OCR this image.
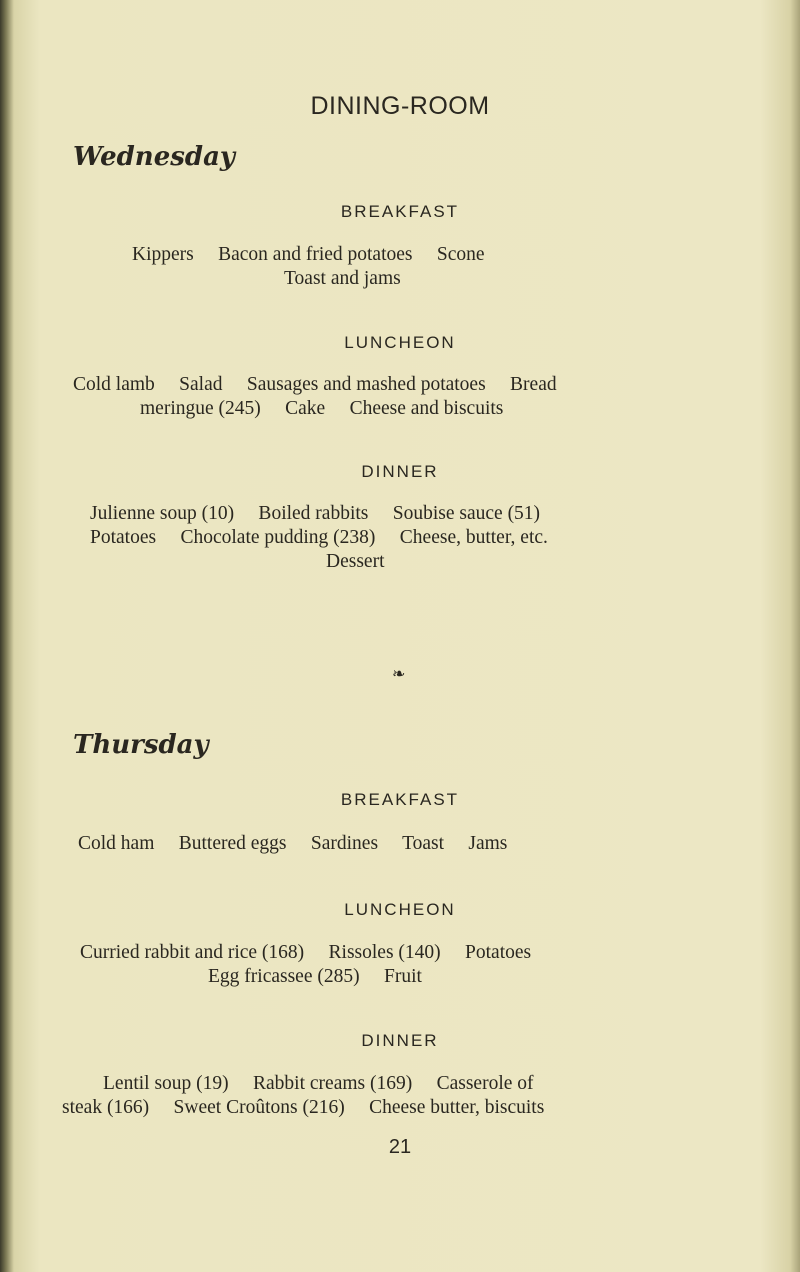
DINING-ROOM
Wednesday
BREAKFAST
Kippers     Bacon and fried potatoes     Scone
Toast and jams
LUNCHEON
Cold lamb     Salad     Sausages and mashed potatoes     Bread
meringue (245)     Cake     Cheese and biscuits
DINNER
Julienne soup (10)     Boiled rabbits     Soubise sauce (51)
Potatoes     Chocolate pudding (238)     Cheese, butter, etc.
Dessert
❧
Thursday
BREAKFAST
Cold ham     Buttered eggs     Sardines     Toast     Jams
LUNCHEON
Curried rabbit and rice (168)     Rissoles (140)     Potatoes
Egg fricassee (285)     Fruit
DINNER
Lentil soup (19)     Rabbit creams (169)     Casserole of
steak (166)     Sweet Croûtons (216)     Cheese butter, biscuits
21
